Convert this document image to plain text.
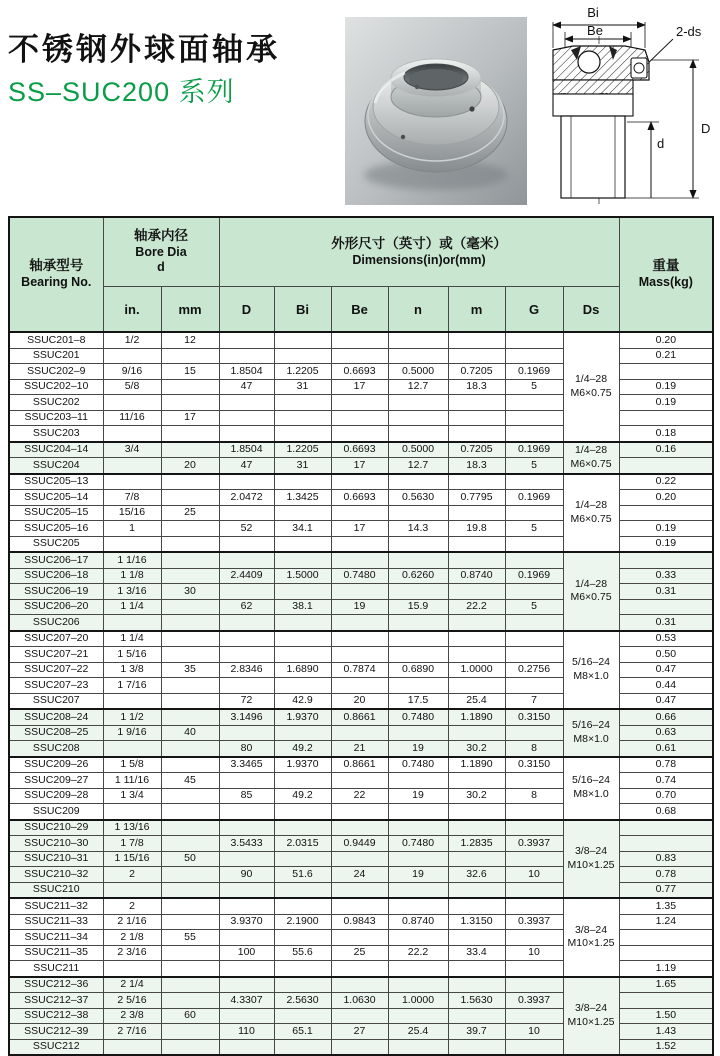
不锈钢外球面轴承
SS–SUC200 系列
Bi
Be	2-ds
d
D
轴承型号
Bearing No.

轴承内径
Bore Dia
d

外形尺寸（英寸）或（毫米）
Dimensions(in)or(mm)	重量
Mass(kg)

	in.	mm	D	Bi	Be	n	m	G	Ds	
SSUC201–8	1/2	12							1/4–28
M6×0.75	0.20
SSUC201										0.21
SSUC202–9	9/16	15	1.8504	1.2205	0.6693	0.5000	0.7205	0.1969		
SSUC202–10	5/8		47	31	17	12.7	18.3	5		0.19
SSUC202										0.19
SSUC203–11	11/16	17								
SSUC203										0.18
SSUC204–14	3/4		1.8504	1.2205	0.6693	0.5000	0.7205	0.1969	1/4–28
M6×0.75	0.16
SSUC204		20	47	31	17	12.7	18.3	5		
SSUC205–13									1/4–28
M6×0.75	0.22
SSUC205–14	7/8		2.0472	1.3425	0.6693	0.5630	0.7795	0.1969		0.20
SSUC205–15	15/16	25								
SSUC205–16	1		52	34.1	17	14.3	19.8	5		0.19
SSUC205										0.19
SSUC206–17	1 1/16								1/4–28
M6×0.75	

SSUC206–18	1 1/8		2.4409	1.5000	0.7480	0.6260	0.8740	0.1969		0.33
SSUC206–19	1 3/16	30								0.31
SSUC206–20	1 1/4		62	38.1	19	15.9	22.2	5		
SSUC206										0.31
SSUC207–20	1 1/4								5/16–24
M8×1.0	0.53
SSUC207–21	1 5/16									0.50
SSUC207–22	1 3/8	35	2.8346	1.6890	0.7874	0.6890	1.0000	0.2756		0.47
SSUC207–23	1 7/16									0.44
SSUC207			72	42.9	20	17.5	25.4	7		0.47
SSUC208–24	1 1/2		3.1496	1.9370	0.8661	0.7480	1.1890	0.3150	5/16–24
M8×1.0	0.66
SSUC208–25	1 9/16	40								0.63
SSUC208			80	49.2	21	19	30.2	8		0.61
SSUC209–26	1 5/8		3.3465	1.9370	0.8661	0.7480	1.1890	0.3150	5/16–24
M8×1.0	0.78
SSUC209–27	1 11/16	45								0.74
SSUC209–28	1 3/4		85	49.2	22	19	30.2	8		0.70
SSUC209										0.68
SSUC210–29	1 13/16								3/8–24
M10×1.25	

SSUC210–30	1 7/8		3.5433	2.0315	0.9449	0.7480	1.2835	0.3937		
SSUC210–31	1 15/16	50								0.83
SSUC210–32	2		90	51.6	24	19	32.6	10		0.78
SSUC210										0.77
SSUC211–32	2								3/8–24
M10×1.25	1.35
SSUC211–33	2 1/16		3.9370	2.1900	0.9843	0.8740	1.3150	0.3937		1.24
SSUC211–34	2 1/8	55								
SSUC211–35	2 3/16		100	55.6	25	22.2	33.4	10		
SSUC211										1.19
SSUC212–36	2 1/4								3/8–24
M10×1.25	1.65
SSUC212–37	2 5/16		4.3307	2.5630	1.0630	1.0000	1.5630	0.3937		
SSUC212–38	2 3/8	60								1.50
SSUC212–39	2 7/16		110	65.1	27	25.4	39.7	10		1.43
SSUC212										1.52
